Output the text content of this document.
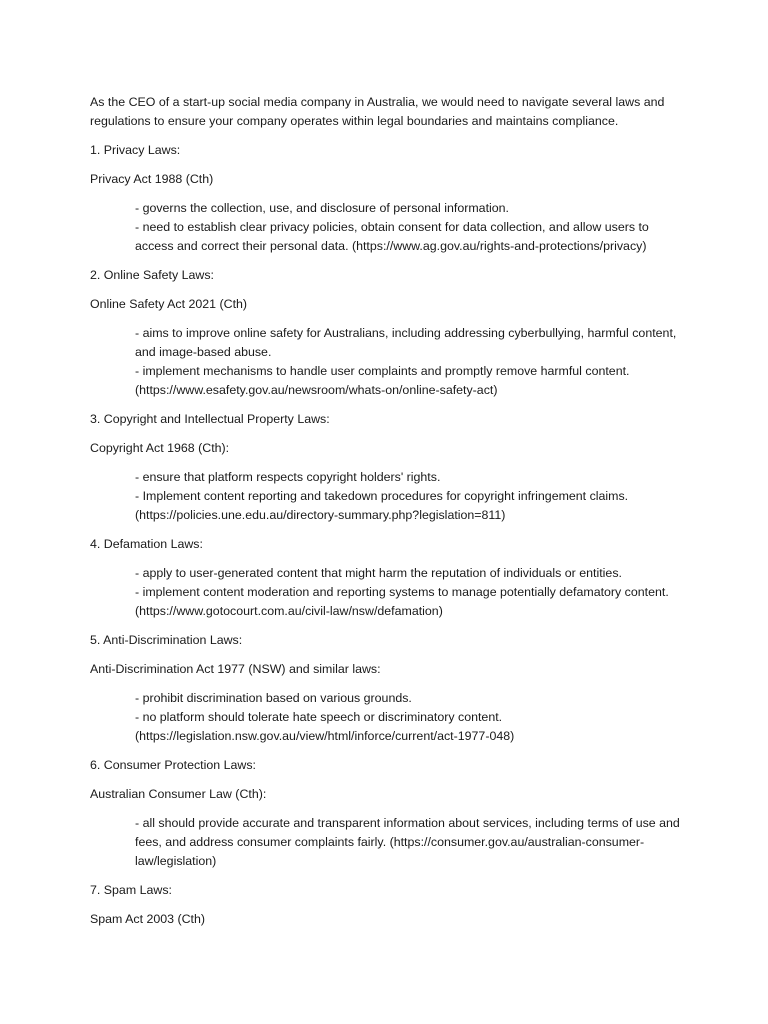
As the CEO of a start-up social media company in Australia, we would need to navigate several laws and regulations to ensure your company operates within legal boundaries and maintains compliance.

1. Privacy Laws:

Privacy Act 1988 (Cth)

- governs the collection, use, and disclosure of personal information.
- need to establish clear privacy policies, obtain consent for data collection, and allow users to access and correct their personal data. (https://www.ag.gov.au/rights-and-protections/privacy)

2. Online Safety Laws:

Online Safety Act 2021 (Cth)

- aims to improve online safety for Australians, including addressing cyberbullying, harmful content, and image-based abuse.
- implement mechanisms to handle user complaints and promptly remove harmful content. (https://www.esafety.gov.au/newsroom/whats-on/online-safety-act)

3. Copyright and Intellectual Property Laws:

Copyright Act 1968 (Cth):

- ensure that platform respects copyright holders' rights.
- Implement content reporting and takedown procedures for copyright infringement claims. (https://policies.une.edu.au/directory-summary.php?legislation=811)

4. Defamation Laws:

- apply to user-generated content that might harm the reputation of individuals or entities.
- implement content moderation and reporting systems to manage potentially defamatory content. (https://www.gotocourt.com.au/civil-law/nsw/defamation)

5. Anti-Discrimination Laws:

Anti-Discrimination Act 1977 (NSW) and similar laws:

- prohibit discrimination based on various grounds.
- no platform should tolerate hate speech or discriminatory content. (https://legislation.nsw.gov.au/view/html/inforce/current/act-1977-048)

6. Consumer Protection Laws:

Australian Consumer Law (Cth):

- all should provide accurate and transparent information about services, including terms of use and fees, and address consumer complaints fairly. (https://consumer.gov.au/australian-consumer-law/legislation)

7. Spam Laws:

Spam Act 2003 (Cth)
